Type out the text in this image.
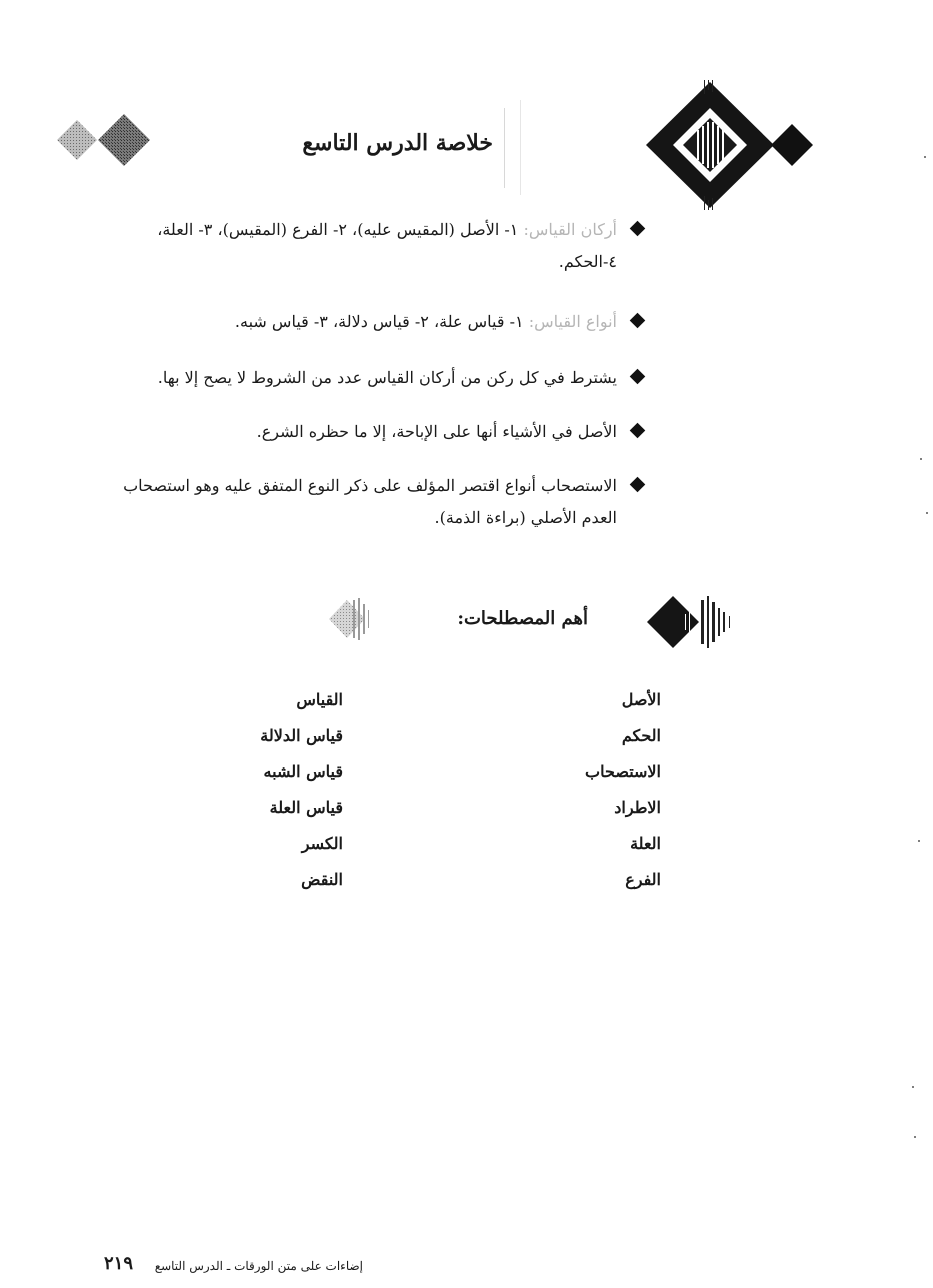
خلاصة الدرس التاسع
أركان القياس: ١- الأصل (المقيس عليه)، ٢- الفرع (المقيس)، ٣- العلة،
٤-الحكم.
أنواع القياس: ١- قياس علة، ٢- قياس دلالة، ٣- قياس شبه.
يشترط في كل ركن من أركان القياس عدد من الشروط لا يصح إلا بها.
الأصل في الأشياء أنها على الإباحة، إلا ما حظره الشرع.
الاستصحاب أنواع اقتصر المؤلف على ذكر النوع المتفق عليه وهو استصحاب
العدم الأصلي (براءة الذمة).
أهم المصطلحات:
الأصل
الحكم
الاستصحاب
الاطراد
العلة
الفرع
القياس
قياس الدلالة
قياس الشبه
قياس العلة
الكسر
النقض
إضاءات على متن الورقات ـ الدرس التاسع
٢١٩
